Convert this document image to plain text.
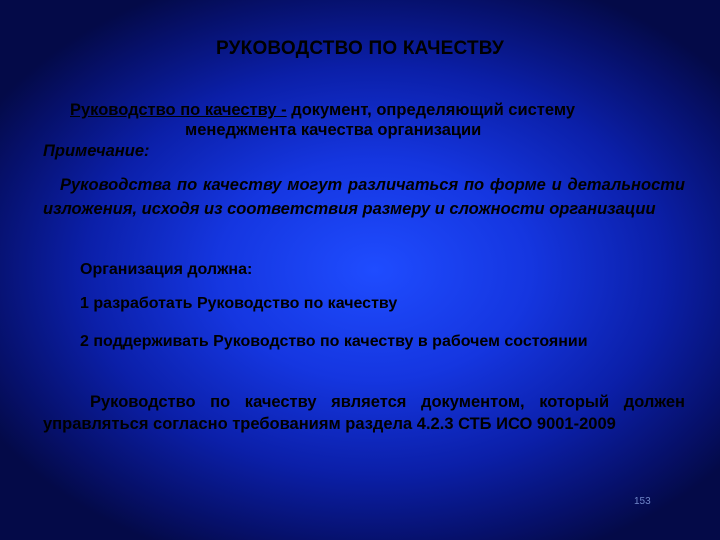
РУКОВОДСТВО ПО КАЧЕСТВУ
Руководство по качеству - документ, определяющий систему
менеджмента качества организации
Примечание:
Руководства по качеству могут различаться по форме и детальности изложения, исходя из соответствия размеру и сложности организации
Организация должна:
1 разработать Руководство по качеству
2 поддерживать Руководство по качеству в рабочем состоянии
Руководство по качеству является документом, который должен управляться согласно требованиям раздела 4.2.3 СТБ ИСО 9001-2009
153
